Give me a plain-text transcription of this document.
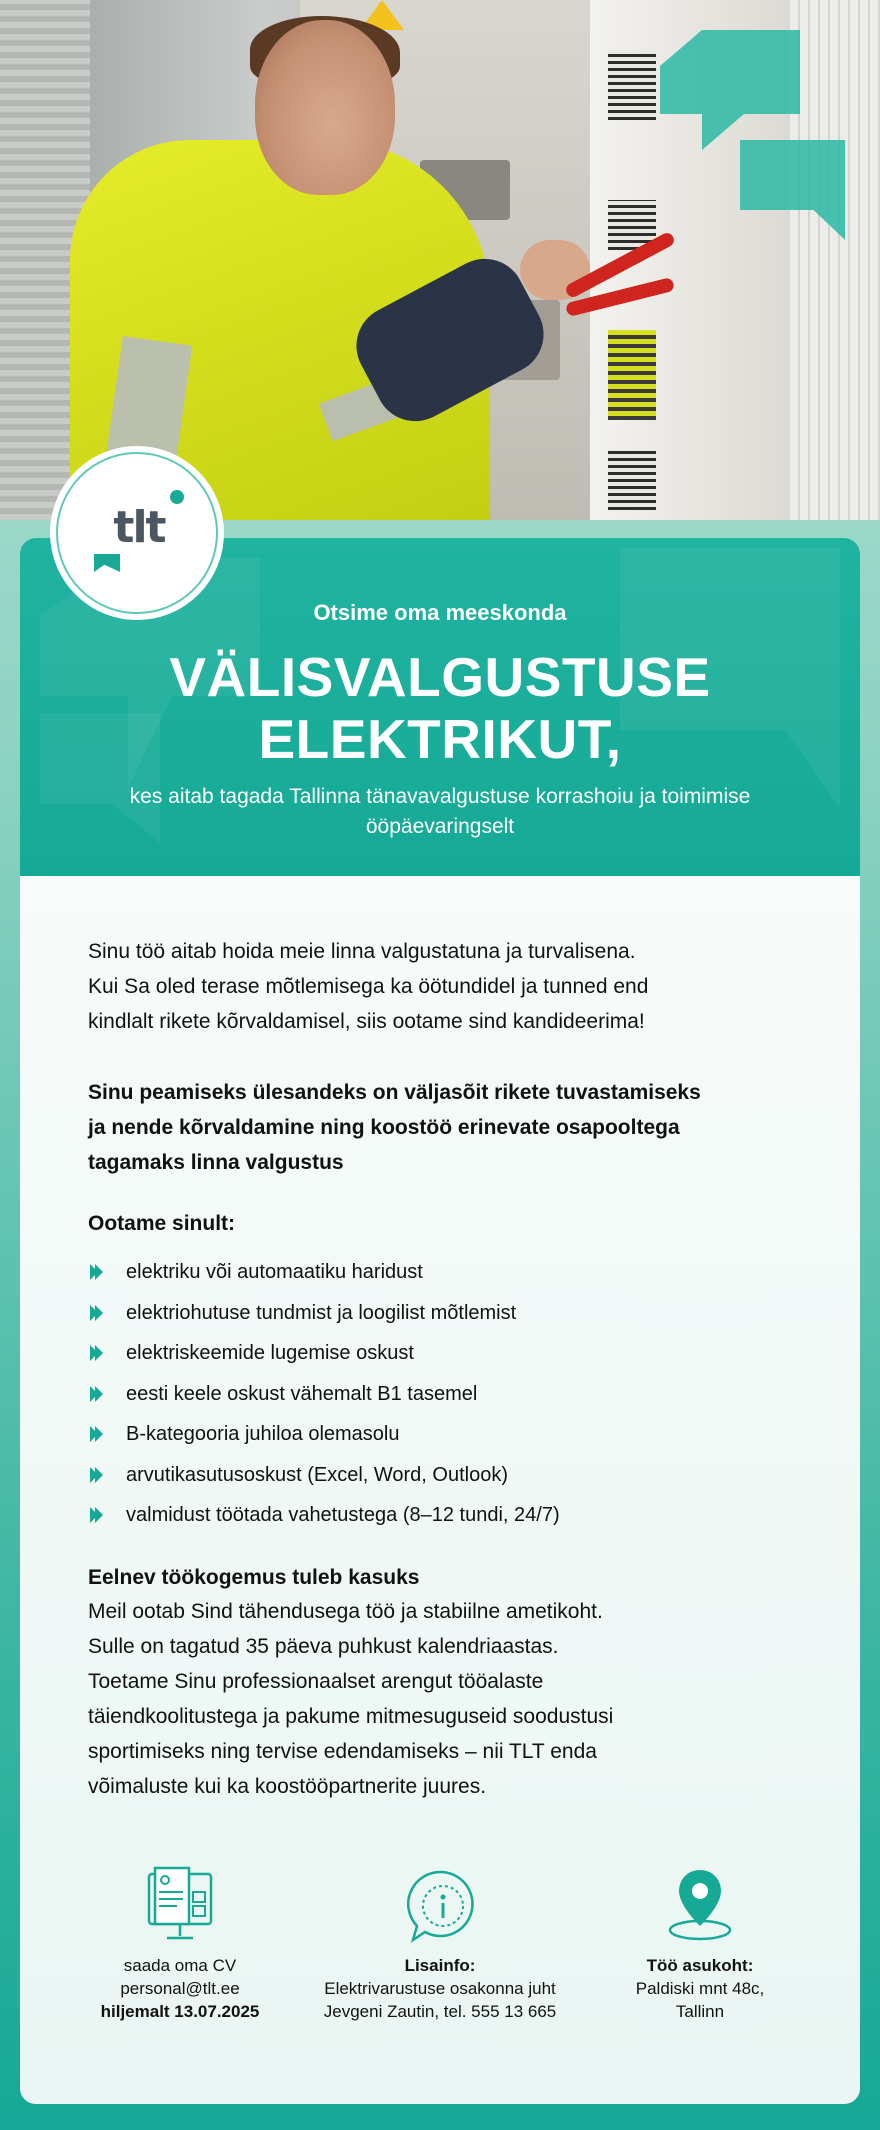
tlt
Otsime oma meeskonda
VÄLISVALGUSTUSE
ELEKTRIKUT,
kes aitab tagada Tallinna tänavavalgustuse korrashoiu ja toimimise ööpäevaringselt
Sinu töö aitab hoida meie linna valgustatuna ja turvalisena.
Kui Sa oled terase mõtlemisega ka öötundidel ja tunned end
kindlalt rikete kõrvaldamisel, siis ootame sind kandideerima!
Sinu peamiseks ülesandeks on väljasõit rikete tuvastamiseks
ja nende kõrvaldamine ning koostöö erinevate osapooltega
tagamaks linna valgustus
Ootame sinult:
elektriku või automaatiku haridust
elektriohutuse tundmist ja loogilist mõtlemist
elektriskeemide lugemise oskust
eesti keele oskust vähemalt B1 tasemel
B-kategooria juhiloa olemasolu
arvutikasutusoskust (Excel, Word, Outlook)
valmidust töötada vahetustega (8–12 tundi, 24/7)
Eelnev töökogemus tuleb kasuks
Meil ootab Sind tähendusega töö ja stabiilne ametikoht.
Sulle on tagatud 35 päeva puhkust kalendriaastas.
Toetame Sinu professionaalset arengut tööalaste
täiendkoolitustega ja pakume mitmesuguseid soodustusi
sportimiseks ning tervise edendamiseks – nii TLT enda
võimaluste kui ka koostööpartnerite juures.
saada oma CV
personal@tlt.ee
hiljemalt 13.07.2025
Lisainfo:
Elektrivarustuse osakonna juht
Jevgeni Zautin, tel. 555 13 665
Töö asukoht:
Paldiski mnt 48c,
Tallinn
